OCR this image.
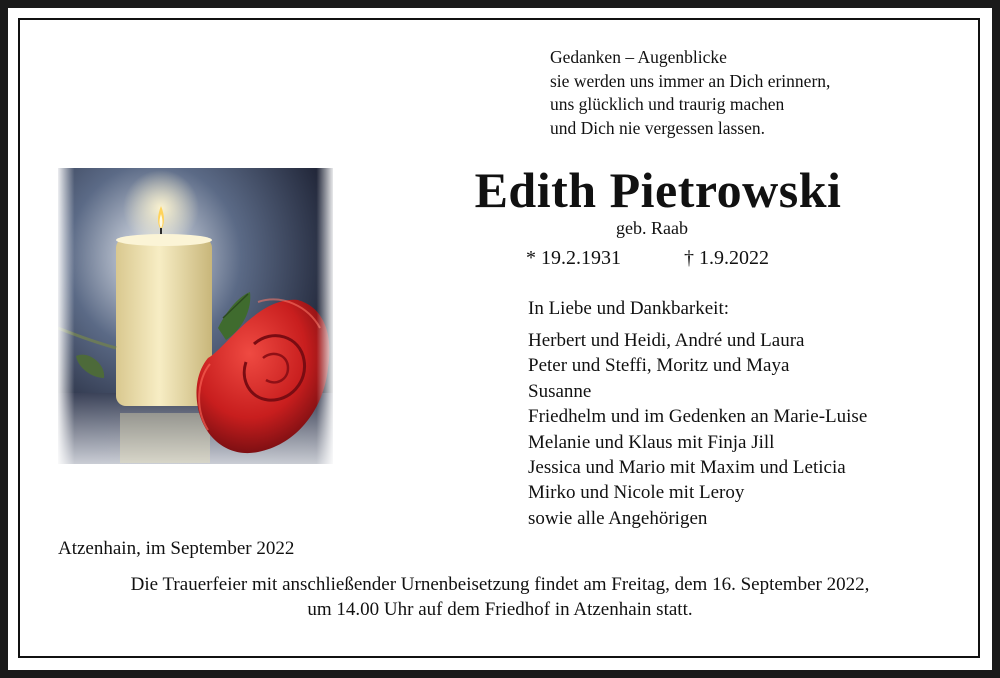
Gedanken – Augenblicke
sie werden uns immer an Dich erinnern,
uns glücklich und traurig machen
und Dich nie vergessen lassen.
Edith Pietrowski
geb. Raab
* 19.2.1931	† 1.9.2022
In Liebe und Dankbarkeit:
Herbert und Heidi, André und Laura
Peter und Steffi, Moritz und Maya
Susanne
Friedhelm und im Gedenken an Marie-Luise
Melanie und Klaus mit Finja Jill
Jessica und Mario mit Maxim und Leticia
Mirko und Nicole mit Leroy
sowie alle Angehörigen
Atzenhain, im September 2022
Die Trauerfeier mit anschließender Urnenbeisetzung findet am Freitag, dem 16. September 2022,
um 14.00 Uhr auf dem Friedhof in Atzenhain statt.
